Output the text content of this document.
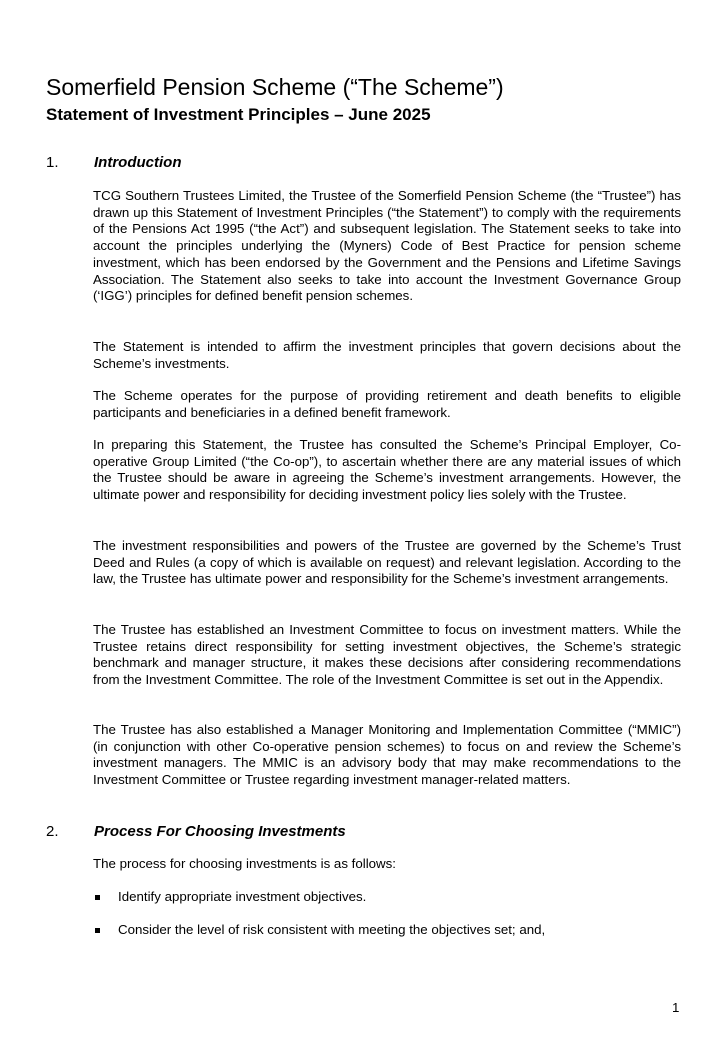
Somerfield Pension Scheme (“The Scheme”)
Statement of Investment Principles – June 2025
1. Introduction

TCG Southern Trustees Limited, the Trustee of the Somerfield Pension Scheme (the “Trustee”) has drawn up this Statement of Investment Principles (“the Statement”) to comply with the requirements of the Pensions Act 1995 (“the Act”) and subsequent legislation. The Statement seeks to take into account the principles underlying the (Myners) Code of Best Practice for pension scheme investment, which has been endorsed by the Government and the Pensions and Lifetime Savings Association. The Statement also seeks to take into account the Investment Governance Group (‘IGG’) principles for defined benefit pension schemes.

The Statement is intended to affirm the investment principles that govern decisions about the Scheme’s investments.

The Scheme operates for the purpose of providing retirement and death benefits to eligible participants and beneficiaries in a defined benefit framework.

In preparing this Statement, the Trustee has consulted the Scheme’s Principal Employer, Co-operative Group Limited (“the Co-op”), to ascertain whether there are any material issues of which the Trustee should be aware in agreeing the Scheme’s investment arrangements. However, the ultimate power and responsibility for deciding investment policy lies solely with the Trustee.

The investment responsibilities and powers of the Trustee are governed by the Scheme’s Trust Deed and Rules (a copy of which is available on request) and relevant legislation. According to the law, the Trustee has ultimate power and responsibility for the Scheme’s investment arrangements.

The Trustee has established an Investment Committee to focus on investment matters. While the Trustee retains direct responsibility for setting investment objectives, the Scheme’s strategic benchmark and manager structure, it makes these decisions after considering recommendations from the Investment Committee. The role of the Investment Committee is set out in the Appendix.

The Trustee has also established a Manager Monitoring and Implementation Committee (“MMIC”) (in conjunction with other Co-operative pension schemes) to focus on and review the Scheme’s investment managers. The MMIC is an advisory body that may make recommendations to the Investment Committee or Trustee regarding investment manager-related matters.

2. Process For Choosing Investments

The process for choosing investments is as follows:

Identify appropriate investment objectives.
Consider the level of risk consistent with meeting the objectives set; and,
1
